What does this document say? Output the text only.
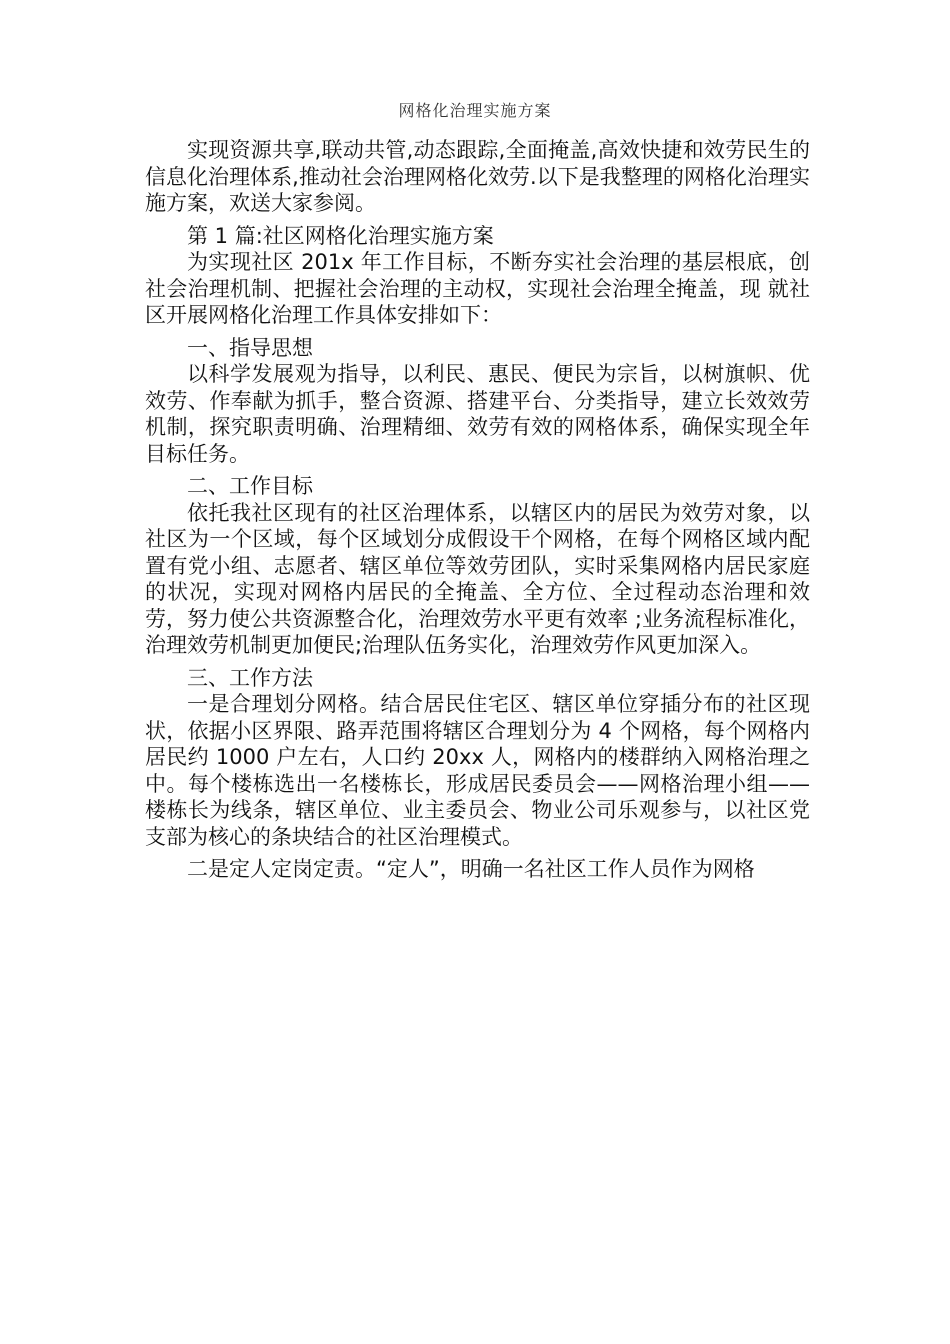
网格化治理实施方案

实现资源共享,联动共管,动态跟踪,全面掩盖,高效快捷和效劳民生的信息化治理体系,推动社会治理网格化效劳.以下是我整理的网格化治理实施方案，欢送大家参阅。

第 1 篇:社区网格化治理实施方案

为实现社区 201x 年工作目标，不断夯实社会治理的基层根底，创社会治理机制、把握社会治理的主动权，实现社会治理全掩盖，现 就社区开展网格化治理工作具体安排如下：

一、指导思想

以科学发展观为指导，以利民、惠民、便民为宗旨，以树旗帜、优效劳、作奉献为抓手，整合资源、搭建平台、分类指导，建立长效效劳机制，探究职责明确、治理精细、效劳有效的网格体系，确保实现全年目标任务。

二、工作目标

依托我社区现有的社区治理体系，以辖区内的居民为效劳对象，以社区为一个区域，每个区域划分成假设干个网格，在每个网格区域内配置有党小组、志愿者、辖区单位等效劳团队，实时采集网格内居民家庭的状况，实现对网格内居民的全掩盖、全方位、全过程动态治理和效劳，努力使公共资源整合化，治理效劳水平更有效率 ;业务流程标准化，治理效劳机制更加便民;治理队伍务实化，治理效劳作风更加深入。

三、工作方法

一是合理划分网格。结合居民住宅区、辖区单位穿插分布的社区现状，依据小区界限、路弄范围将辖区合理划分为 4 个网格，每个网格内居民约 1000 户左右，人口约 20xx 人，网格内的楼群纳入网格治理之中。每个楼栋选出一名楼栋长，形成居民委员会——网格治理小组——楼栋长为线条，辖区单位、业主委员会、物业公司乐观参与，以社区党支部为核心的条块结合的社区治理模式。

二是定人定岗定责。“定人”，明确一名社区工作人员作为网格
